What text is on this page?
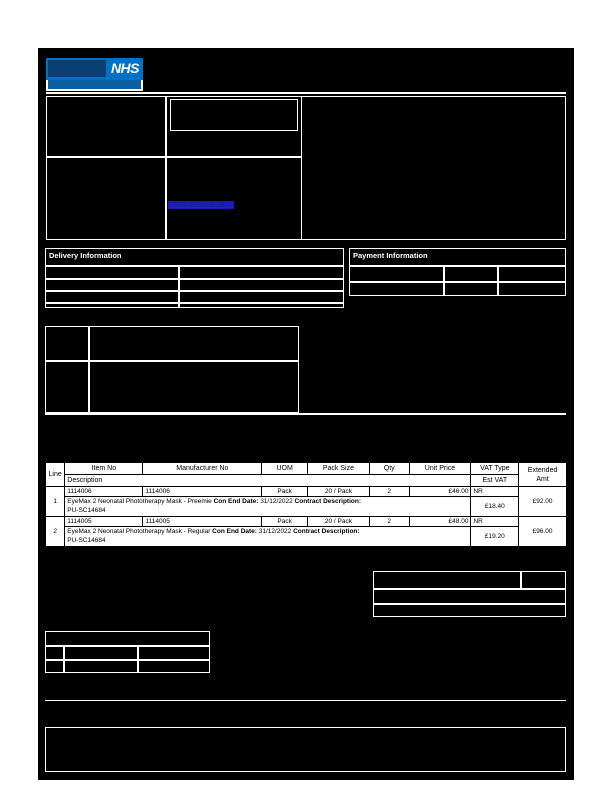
NHS
www.redacted.nhs.net
Delivery Information	Payment Information
Line	Item No	Manufacturer No	UOM	Pack Size	Qty	Unit Price	VAT Type	Extended Amt
	Description						Est VAT	
1	1114006	1114006	Pack	20 / Pack	2	£46.00	NR	£92.00
	EyeMax 2 Neonatal Phototherapy Mask - Preemie Con End Date: 31/12/2022 Contract Description:
PU-SC14684						£18.40	
2	1114005	1114005	Pack	20 / Pack	2	£48.00	NR	£96.00
	EyeMax 2 Neonatal Phototherapy Mask - Regular Con End Date: 31/12/2022 Contract Description:
PU-SC14684						£19.20	
